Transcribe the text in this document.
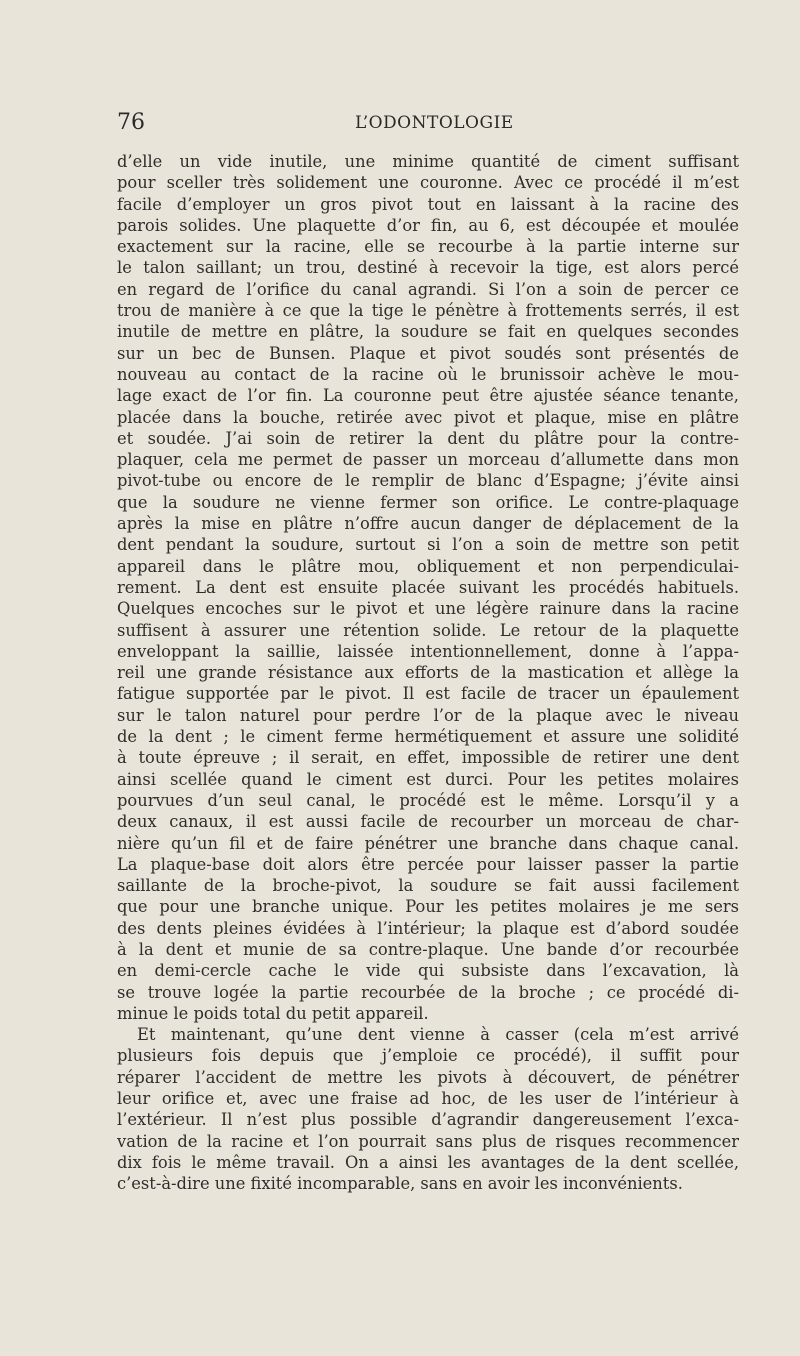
76	L’ODONTOLOGIE
d’elle un vide inutile, une minime quantité de ciment suffisant
pour sceller très solidement une couronne. Avec ce procédé il m’est
facile d’employer un gros pivot tout en laissant à la racine des
parois solides. Une plaquette d’or fin, au 6, est découpée et moulée
exactement sur la racine, elle se recourbe à la partie interne sur
le talon saillant; un trou, destiné à recevoir la tige, est alors percé
en regard de l’orifice du canal agrandi. Si l’on a soin de percer ce
trou de manière à ce que la tige le pénètre à frottements serrés, il est
inutile de mettre en plâtre, la soudure se fait en quelques secondes
sur un bec de Bunsen. Plaque et pivot soudés sont présentés de
nouveau au contact de la racine où le brunissoir achève le mou-
lage exact de l’or fin. La couronne peut être ajustée séance tenante,
placée dans la bouche, retirée avec pivot et plaque, mise en plâtre
et soudée. J’ai soin de retirer la dent du plâtre pour la contre-
plaquer, cela me permet de passer un morceau d’allumette dans mon
pivot-tube ou encore de le remplir de blanc d’Espagne; j’évite ainsi
que la soudure ne vienne fermer son orifice. Le contre-plaquage
après la mise en plâtre n’offre aucun danger de déplacement de la
dent pendant la soudure, surtout si l’on a soin de mettre son petit
appareil dans le plâtre mou, obliquement et non perpendiculai-
rement. La dent est ensuite placée suivant les procédés habituels.
Quelques encoches sur le pivot et une légère rainure dans la racine
suffisent à assurer une rétention solide. Le retour de la plaquette
enveloppant la saillie, laissée intentionnellement, donne à l’appa-
reil une grande résistance aux efforts de la mastication et allège la
fatigue supportée par le pivot. Il est facile de tracer un épaulement
sur le talon naturel pour perdre l’or de la plaque avec le niveau
de la dent ; le ciment ferme hermétiquement et assure une solidité
à toute épreuve ; il serait, en effet, impossible de retirer une dent
ainsi scellée quand le ciment est durci. Pour les petites molaires
pourvues d’un seul canal, le procédé est le même. Lorsqu’il y a
deux canaux, il est aussi facile de recourber un morceau de char-
nière qu’un fil et de faire pénétrer une branche dans chaque canal.
La plaque-base doit alors être percée pour laisser passer la partie
saillante de la broche-pivot, la soudure se fait aussi facilement
que pour une branche unique. Pour les petites molaires je me sers
des dents pleines évidées à l’intérieur; la plaque est d’abord soudée
à la dent et munie de sa contre-plaque. Une bande d’or recourbée
en demi-cercle cache le vide qui subsiste dans l’excavation, là
se trouve logée la partie recourbée de la broche ; ce procédé di-
minue le poids total du petit appareil.
Et maintenant, qu’une dent vienne à casser (cela m’est arrivé
plusieurs fois depuis que j’emploie ce procédé), il suffit pour
réparer l’accident de mettre les pivots à découvert, de pénétrer
leur orifice et, avec une fraise ad hoc, de les user de l’intérieur à
l’extérieur. Il n’est plus possible d’agrandir dangereusement l’exca-
vation de la racine et l’on pourrait sans plus de risques recommencer
dix fois le même travail. On a ainsi les avantages de la dent scellée,
c’est-à-dire une fixité incomparable, sans en avoir les inconvénients.
